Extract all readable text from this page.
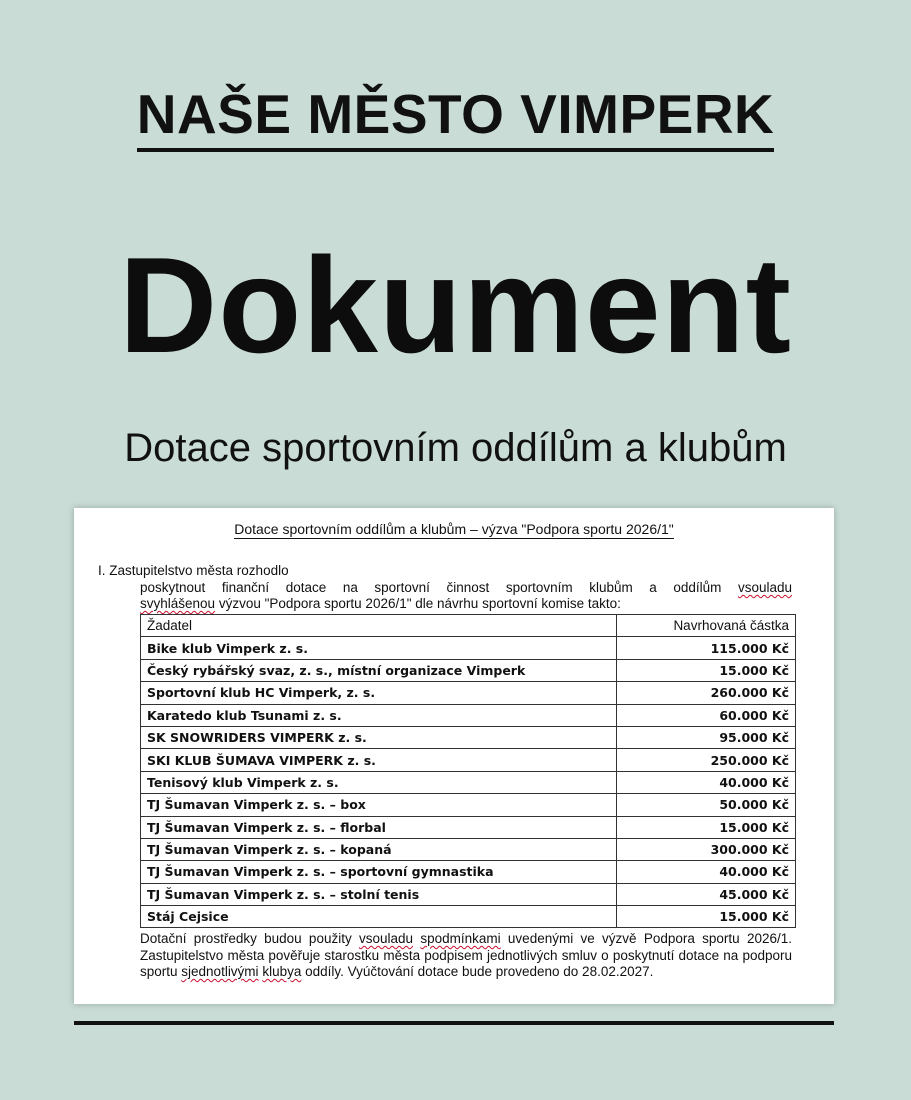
NAŠE MĚSTO VIMPERK
Dokument
Dotace sportovním oddílům a klubům
Dotace sportovním oddílům a klubům – výzva "Podpora sportu 2026/1"
I. Zastupitelstvo města rozhodlo
poskytnout finanční dotace na sportovní činnost sportovním klubům a oddílům vsouladu
svyhlášenou výzvou "Podpora sportu 2026/1" dle návrhu sportovní komise takto:
Žadatel	Navrhovaná částka
Bike klub Vimperk z. s.	115.000 Kč
Český rybářský svaz, z. s., místní organizace Vimperk	15.000 Kč
Sportovní klub HC Vimperk, z. s.	260.000 Kč
Karatedo klub Tsunami z. s.	60.000 Kč
SK SNOWRIDERS VIMPERK z. s.	95.000 Kč
SKI KLUB ŠUMAVA VIMPERK z. s.	250.000 Kč
Tenisový klub Vimperk z. s.	40.000 Kč
TJ Šumavan Vimperk z. s. – box	50.000 Kč
TJ Šumavan Vimperk z. s. – florbal	15.000 Kč
TJ Šumavan Vimperk z. s. – kopaná	300.000 Kč
TJ Šumavan Vimperk z. s. – sportovní gymnastika	40.000 Kč
TJ Šumavan Vimperk z. s. – stolní tenis	45.000 Kč
Stáj Cejsice	15.000 Kč
Dotační prostředky budou použity vsouladu spodmínkami uvedenými ve výzvě Podpora sportu 2026/1. Zastupitelstvo města pověřuje starostku města podpisem jednotlivých smluv o poskytnutí dotace na podporu sportu sjednotlivými klubya oddíly. Vyúčtování dotace bude provedeno do 28.02.2027.
